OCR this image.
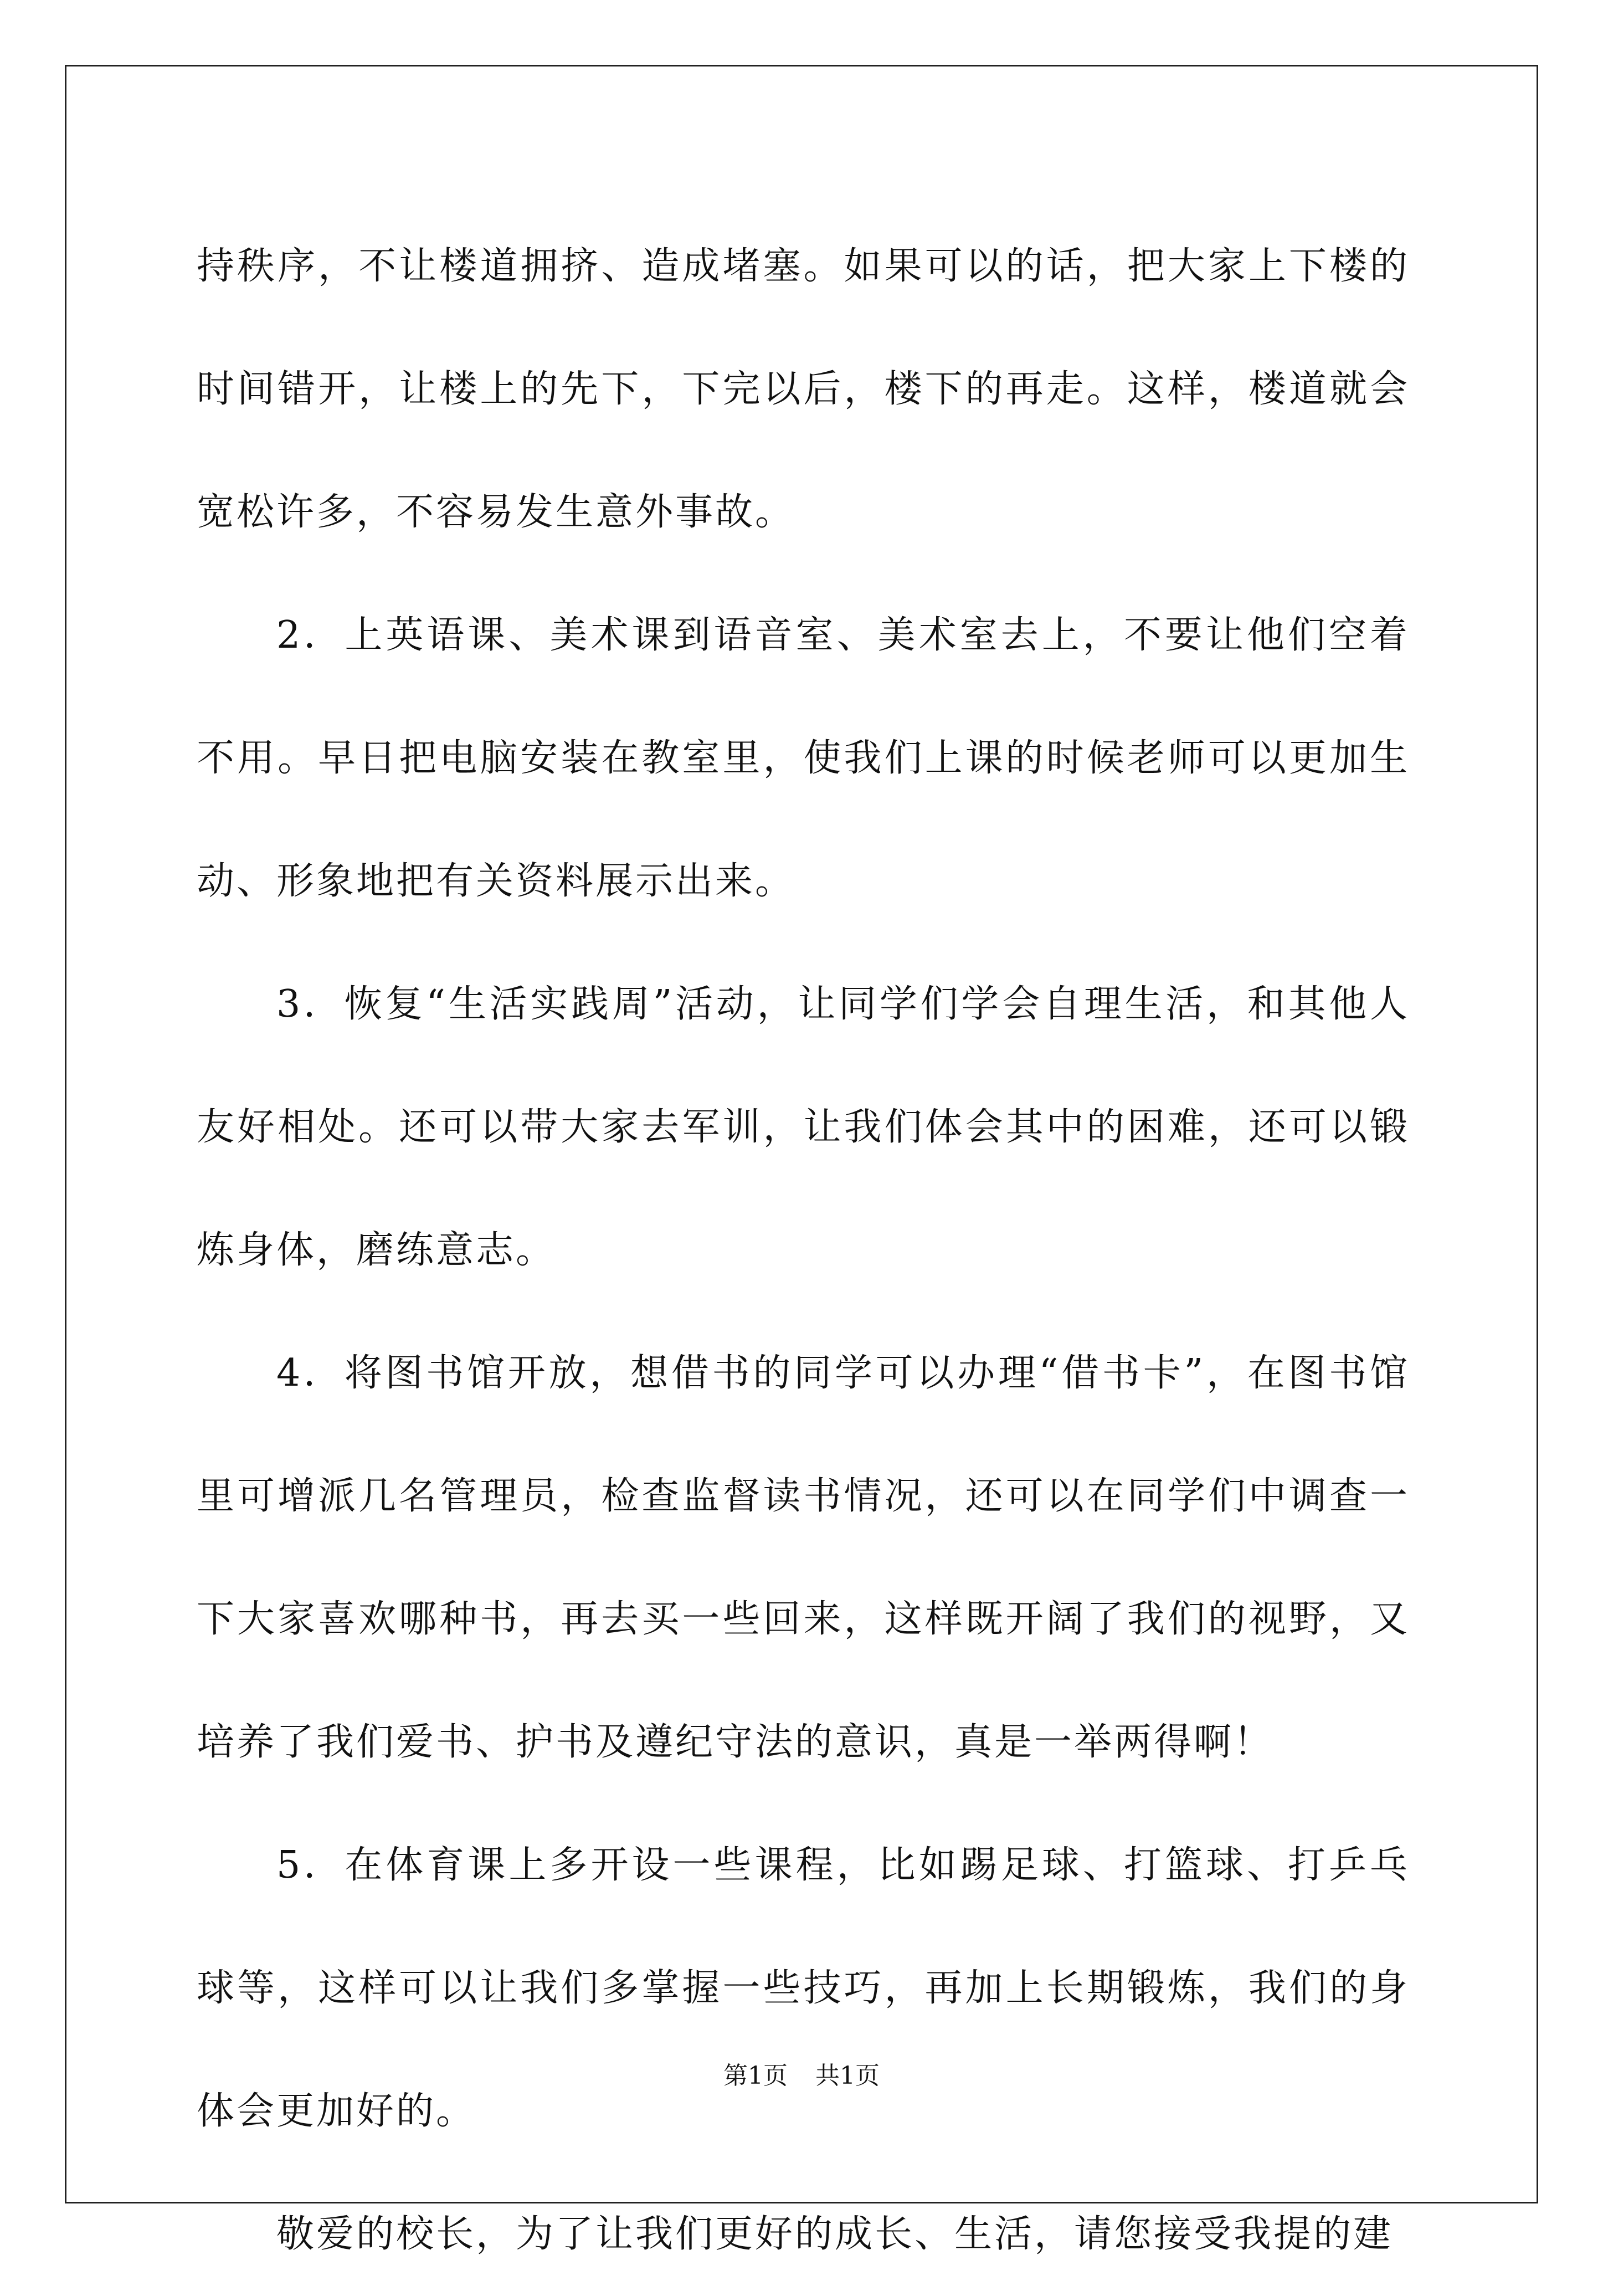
持秩序，不让楼道拥挤、造成堵塞。如果可以的话，把大家上下楼的时间错开，让楼上的先下，下完以后，楼下的再走。这样，楼道就会宽松许多，不容易发生意外事故。

2．上英语课、美术课到语音室、美术室去上，不要让他们空着不用。早日把电脑安装在教室里，使我们上课的时候老师可以更加生动、形象地把有关资料展示出来。

3．恢复“生活实践周”活动，让同学们学会自理生活，和其他人友好相处。还可以带大家去军训，让我们体会其中的困难，还可以锻炼身体，磨练意志。

4．将图书馆开放，想借书的同学可以办理“借书卡”，在图书馆里可增派几名管理员，检查监督读书情况，还可以在同学们中调查一下大家喜欢哪种书，再去买一些回来，这样既开阔了我们的视野，又培养了我们爱书、护书及遵纪守法的意识，真是一举两得啊！

5．在体育课上多开设一些课程，比如踢足球、打篮球、打乒乓球等，这样可以让我们多掌握一些技巧，再加上长期锻炼，我们的身体会更加好的。

敬爱的校长，为了让我们更好的成长、生活，请您接受我提的建

第1页 共1页
